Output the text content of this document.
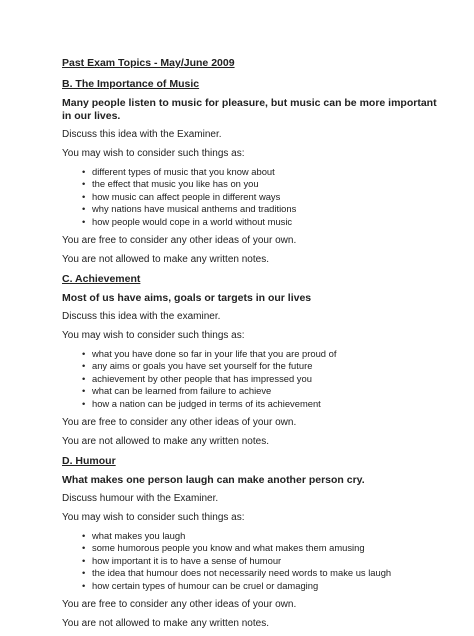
Past Exam Topics - May/June 2009

B. The Importance of Music

Many people listen to music for pleasure, but music can be more important in our lives.

Discuss this idea with the Examiner.

You may wish to consider such things as:

• different types of music that you know about
• the effect that music you like has on you
• how music can affect people in different ways
• why nations have musical anthems and traditions
• how people would cope in a world without music

You are free to consider any other ideas of your own.

You are not allowed to make any written notes.

C. Achievement

Most of us have aims, goals or targets in our lives

Discuss this idea with the examiner.

You may wish to consider such things as:

• what you have done so far in your life that you are proud of
• any aims or goals you have set yourself for the future
• achievement by other people that has impressed you
• what can be learned from failure to achieve
• how a nation can be judged in terms of its achievement

You are free to consider any other ideas of your own.

You are not allowed to make any written notes.

D. Humour

What makes one person laugh can make another person cry.

Discuss humour with the Examiner.

You may wish to consider such things as:

• what makes you laugh
• some humorous people you know and what makes them amusing
• how important it is to have a sense of humour
• the idea that humour does not necessarily need words to make us laugh
• how certain types of humour can be cruel or damaging

You are free to consider any other ideas of your own.

You are not allowed to make any written notes.
